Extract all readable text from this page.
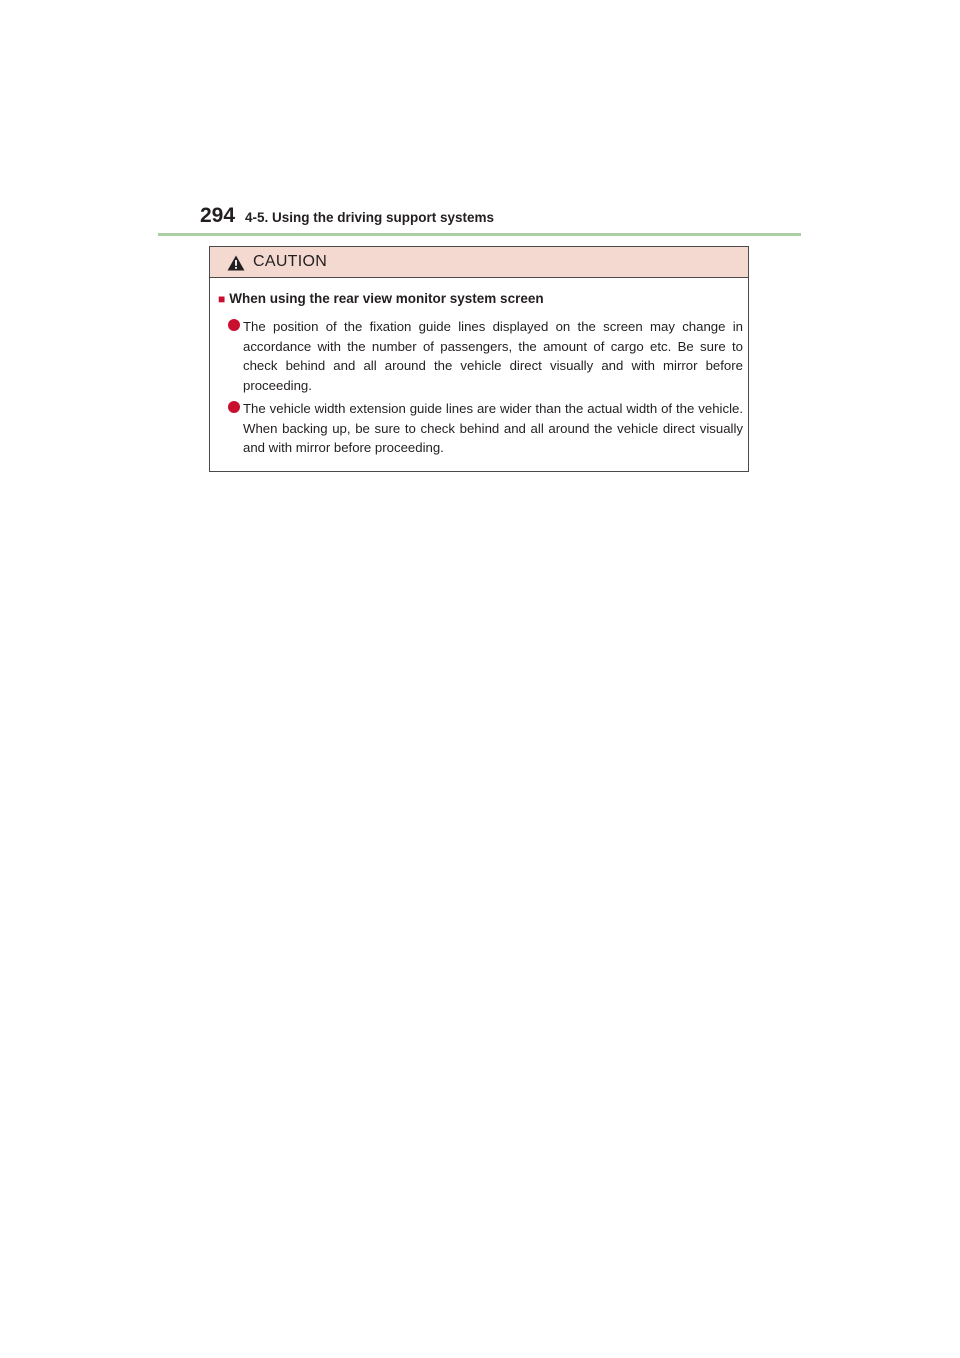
294 4-5. Using the driving support systems
CAUTION
■ When using the rear view monitor system screen
The position of the fixation guide lines displayed on the screen may change in accordance with the number of passengers, the amount of cargo etc. Be sure to check behind and all around the vehicle direct visually and with mirror before proceeding.
The vehicle width extension guide lines are wider than the actual width of the vehicle. When backing up, be sure to check behind and all around the vehicle direct visually and with mirror before proceeding.
